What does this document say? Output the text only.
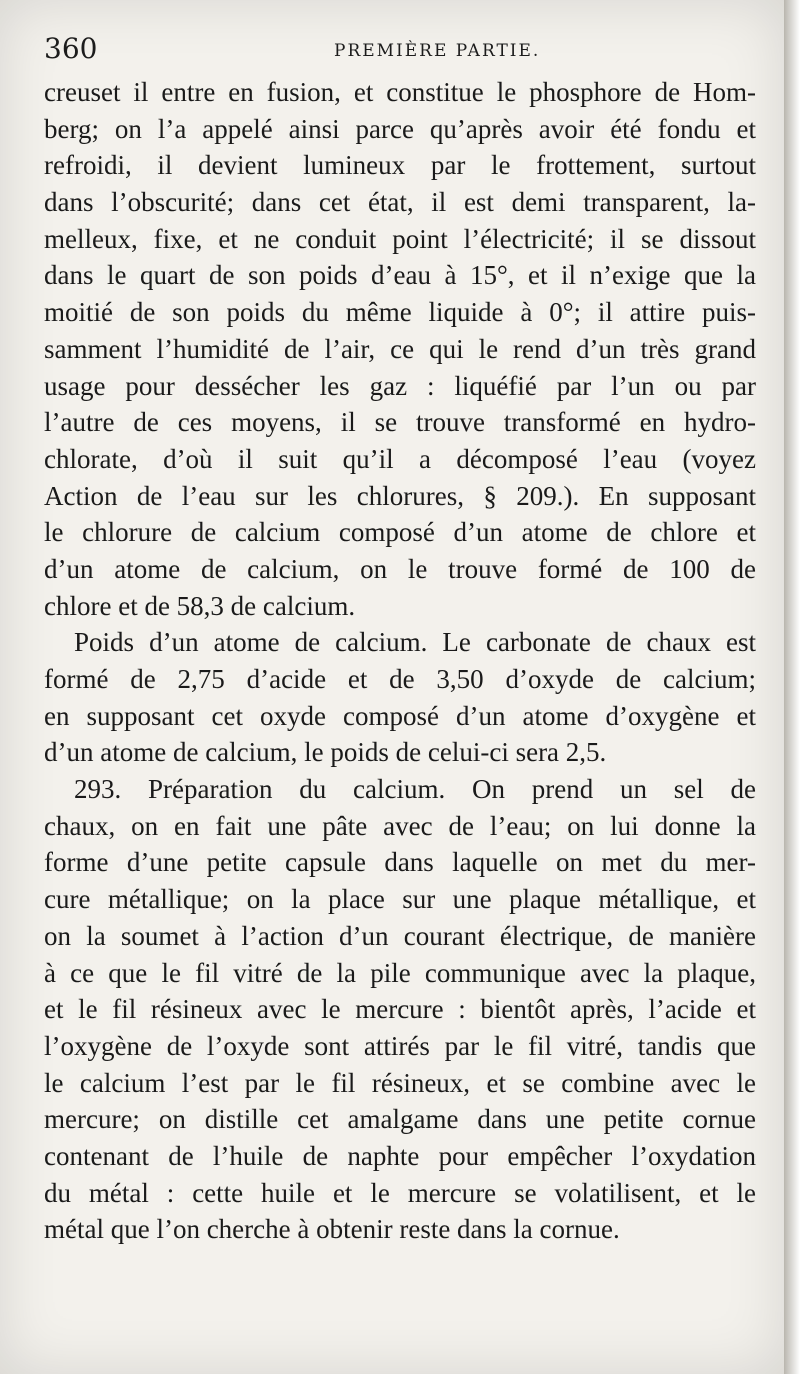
360	PREMIÈRE PARTIE.
creuset il entre en fusion, et constitue le phosphore de Hom-
berg; on l’a appelé ainsi parce qu’après avoir été fondu et
refroidi, il devient lumineux par le frottement, surtout
dans l’obscurité; dans cet état, il est demi transparent, la-
melleux, fixe, et ne conduit point l’électricité; il se dissout
dans le quart de son poids d’eau à 15°, et il n’exige que la
moitié de son poids du même liquide à 0°; il attire puis-
samment l’humidité de l’air, ce qui le rend d’un très grand
usage pour dessécher les gaz : liquéfié par l’un ou par
l’autre de ces moyens, il se trouve transformé en hydro-
chlorate, d’où il suit qu’il a décomposé l’eau (voyez
Action de l’eau sur les chlorures, § 209.). En supposant
le chlorure de calcium composé d’un atome de chlore et
d’un atome de calcium, on le trouve formé de 100 de
chlore et de 58,3 de calcium.
Poids d’un atome de calcium. Le carbonate de chaux est
formé de 2,75 d’acide et de 3,50 d’oxyde de calcium;
en supposant cet oxyde composé d’un atome d’oxygène et
d’un atome de calcium, le poids de celui-ci sera 2,5.
293. Préparation du calcium. On prend un sel de
chaux, on en fait une pâte avec de l’eau; on lui donne la
forme d’une petite capsule dans laquelle on met du mer-
cure métallique; on la place sur une plaque métallique, et
on la soumet à l’action d’un courant électrique, de manière
à ce que le fil vitré de la pile communique avec la plaque,
et le fil résineux avec le mercure : bientôt après, l’acide et
l’oxygène de l’oxyde sont attirés par le fil vitré, tandis que
le calcium l’est par le fil résineux, et se combine avec le
mercure; on distille cet amalgame dans une petite cornue
contenant de l’huile de naphte pour empêcher l’oxydation
du métal : cette huile et le mercure se volatilisent, et le
métal que l’on cherche à obtenir reste dans la cornue.
